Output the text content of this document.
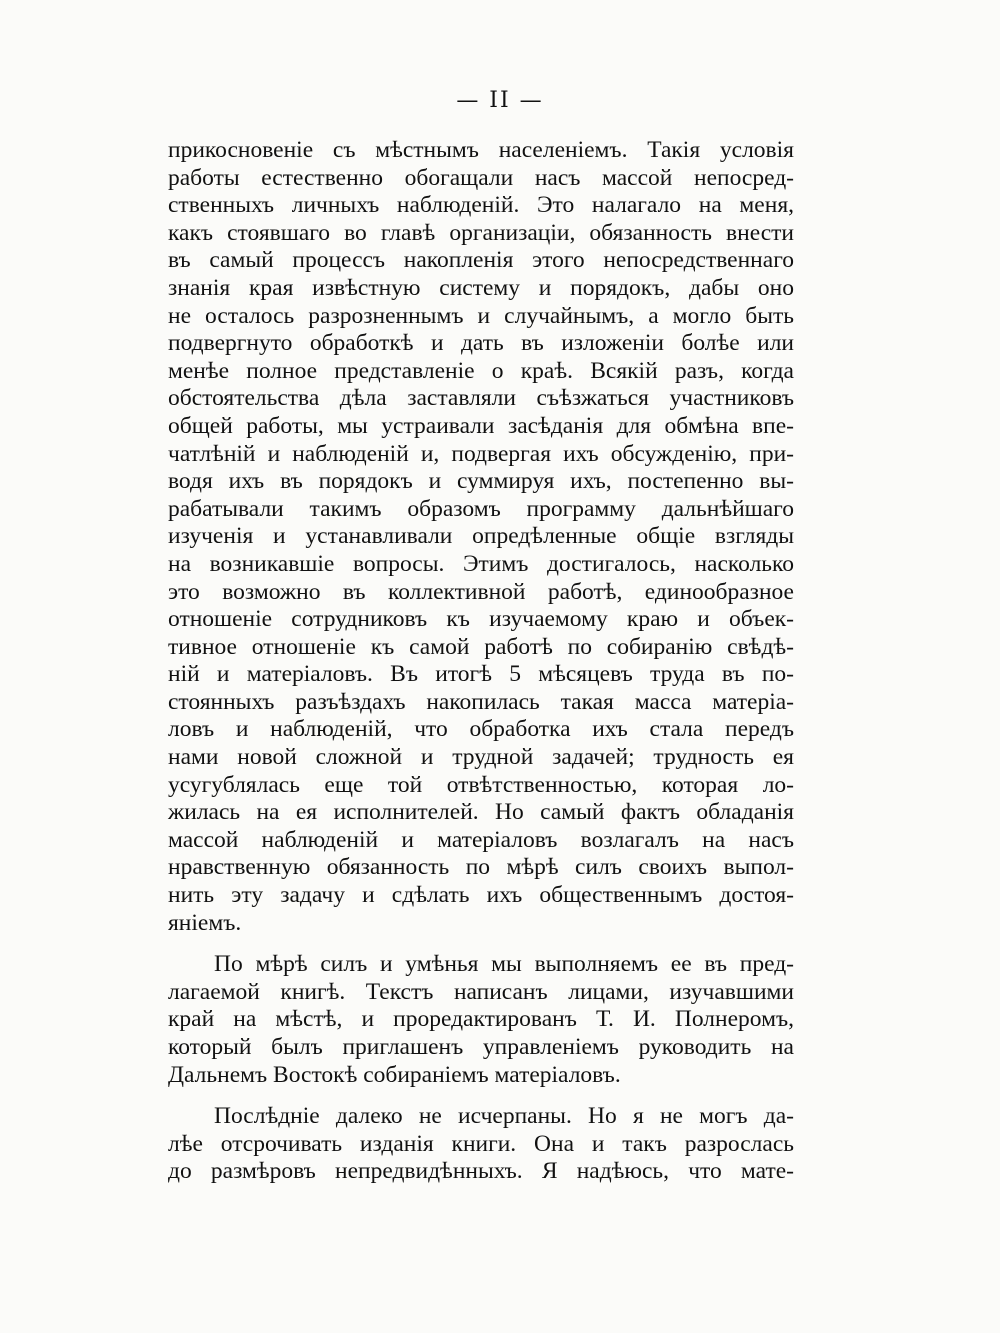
— II —
прикосновеніе съ мѣстнымъ населеніемъ. Такія условія
работы естественно обогащали насъ массой непосред-
ственныхъ личныхъ наблюденій. Это налагало на меня,
какъ стоявшаго во главѣ организаціи, обязанность внести
въ самый процессъ накопленія этого непосредственнаго
знанія края извѣстную систему и порядокъ, дабы оно
не осталось разрозненнымъ и случайнымъ, а могло быть
подвергнуто обработкѣ и дать въ изложеніи болѣе или
менѣе полное представленіе о краѣ. Всякій разъ, когда
обстоятельства дѣла заставляли съѣзжаться участниковъ
общей работы, мы устраивали засѣданія для обмѣна впе-
чатлѣній и наблюденій и, подвергая ихъ обсужденію, при-
водя ихъ въ порядокъ и суммируя ихъ, постепенно вы-
рабатывали такимъ образомъ программу дальнѣйшаго
изученія и устанавливали опредѣленные общіе взгляды
на возникавшіе вопросы. Этимъ достигалось, насколько
это возможно въ коллективной работѣ, единообразное
отношеніе сотрудниковъ къ изучаемому краю и объек-
тивное отношеніе къ самой работѣ по собиранію свѣдѣ-
ній и матеріаловъ. Въ итогѣ 5 мѣсяцевъ труда въ по-
стоянныхъ разъѣздахъ накопилась такая масса матеріа-
ловъ и наблюденій, что обработка ихъ стала передъ
нами новой сложной и трудной задачей; трудность ея
усугублялась еще той отвѣтственностью, которая ло-
жилась на ея исполнителей. Но самый фактъ обладанія
массой наблюденій и матеріаловъ возлагалъ на насъ
нравственную обязанность по мѣрѣ силъ своихъ выпол-
нить эту задачу и сдѣлать ихъ общественнымъ достоя-
яніемъ.
По мѣрѣ силъ и умѣнья мы выполняемъ ее въ пред-
лагаемой книгѣ. Текстъ написанъ лицами, изучавшими
край на мѣстѣ, и проредактированъ Т. И. Полнеромъ,
который былъ приглашенъ управленіемъ руководить на
Дальнемъ Востокѣ собираніемъ матеріаловъ.
Послѣдніе далеко не исчерпаны. Но я не могъ да-
лѣе отсрочивать изданія книги. Она и такъ разрослась
до размѣровъ непредвидѣнныхъ. Я надѣюсь, что мате-
